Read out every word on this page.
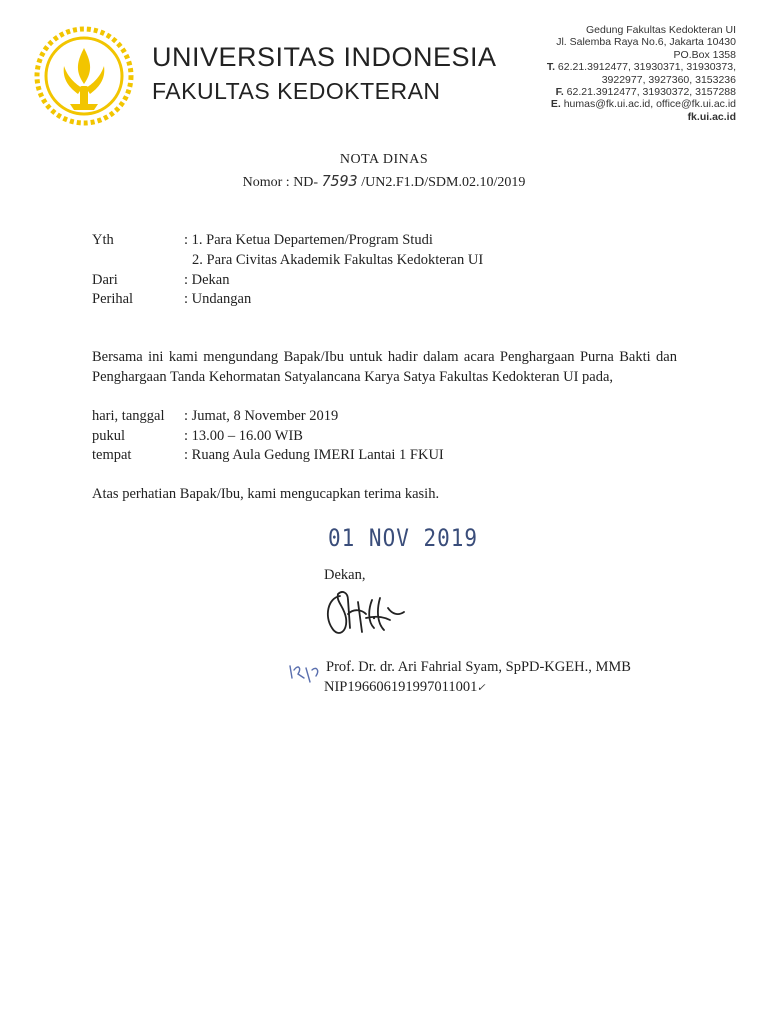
UNIVERSITAS INDONESIA
FAKULTAS KEDOKTERAN
Gedung Fakultas Kedokteran UI
Jl. Salemba Raya No.6, Jakarta 10430
PO.Box 1358
T. 62.21.3912477, 31930371, 31930373,
3922977, 3927360, 3153236
F. 62.21.3912477, 31930372, 3157288
E. humas@fk.ui.ac.id, office@fk.ui.ac.id
fk.ui.ac.id
NOTA DINAS
Nomor : ND- 7593 /UN2.F1.D/SDM.02.10/2019
Yth	: 1. Para Ketua Departemen/Program Studi
2. Para Civitas Akademik Fakultas Kedokteran UI
Dari	: Dekan
Perihal	: Undangan
Bersama ini kami mengundang Bapak/Ibu untuk hadir dalam acara Penghargaan Purna Bakti dan Penghargaan Tanda Kehormatan Satyalancana Karya Satya Fakultas Kedokteran UI pada,
hari, tanggal : Jumat, 8 November 2019
pukul	: 13.00 – 16.00 WIB
tempat	: Ruang Aula Gedung IMERI Lantai 1 FKUI
Atas perhatian Bapak/Ibu, kami mengucapkan terima kasih.
01 NOV 2019
Dekan,
Prof. Dr. dr. Ari Fahrial Syam, SpPD-KGEH., MMB
NIP196606191997011001✓
